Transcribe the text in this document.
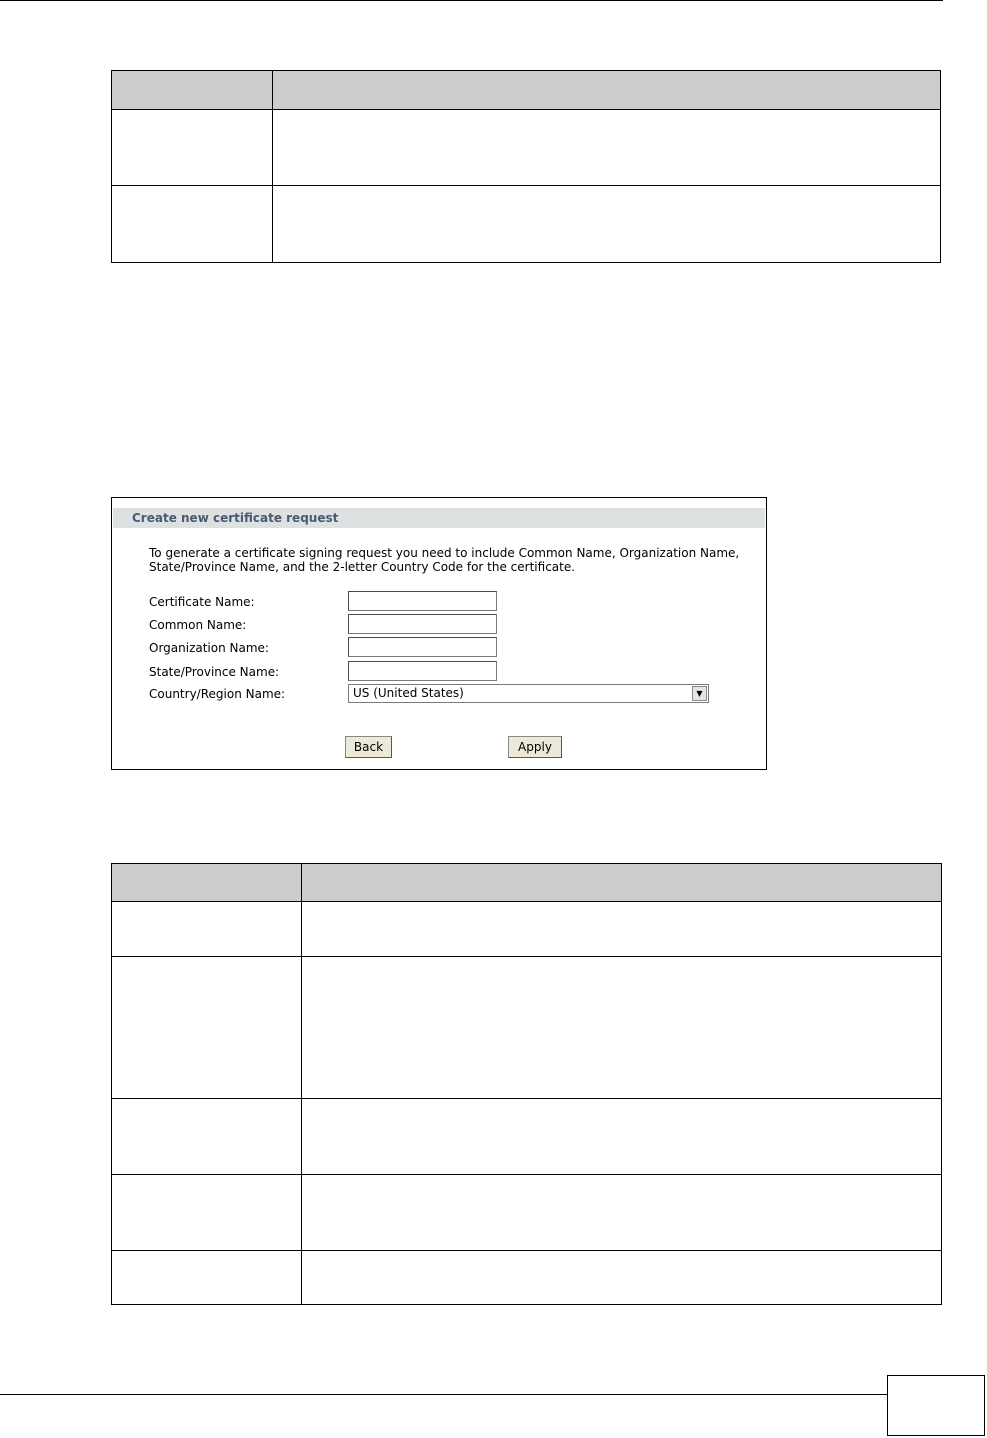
Create new certificate request
To generate a certificate signing request you need to include Common Name, Organization Name, State/Province Name, and the 2-letter Country Code for the certificate.
Certificate Name:
Common Name:
Organization Name:
State/Province Name:
Country/Region Name:	US (United States)	▼
Back	Apply
